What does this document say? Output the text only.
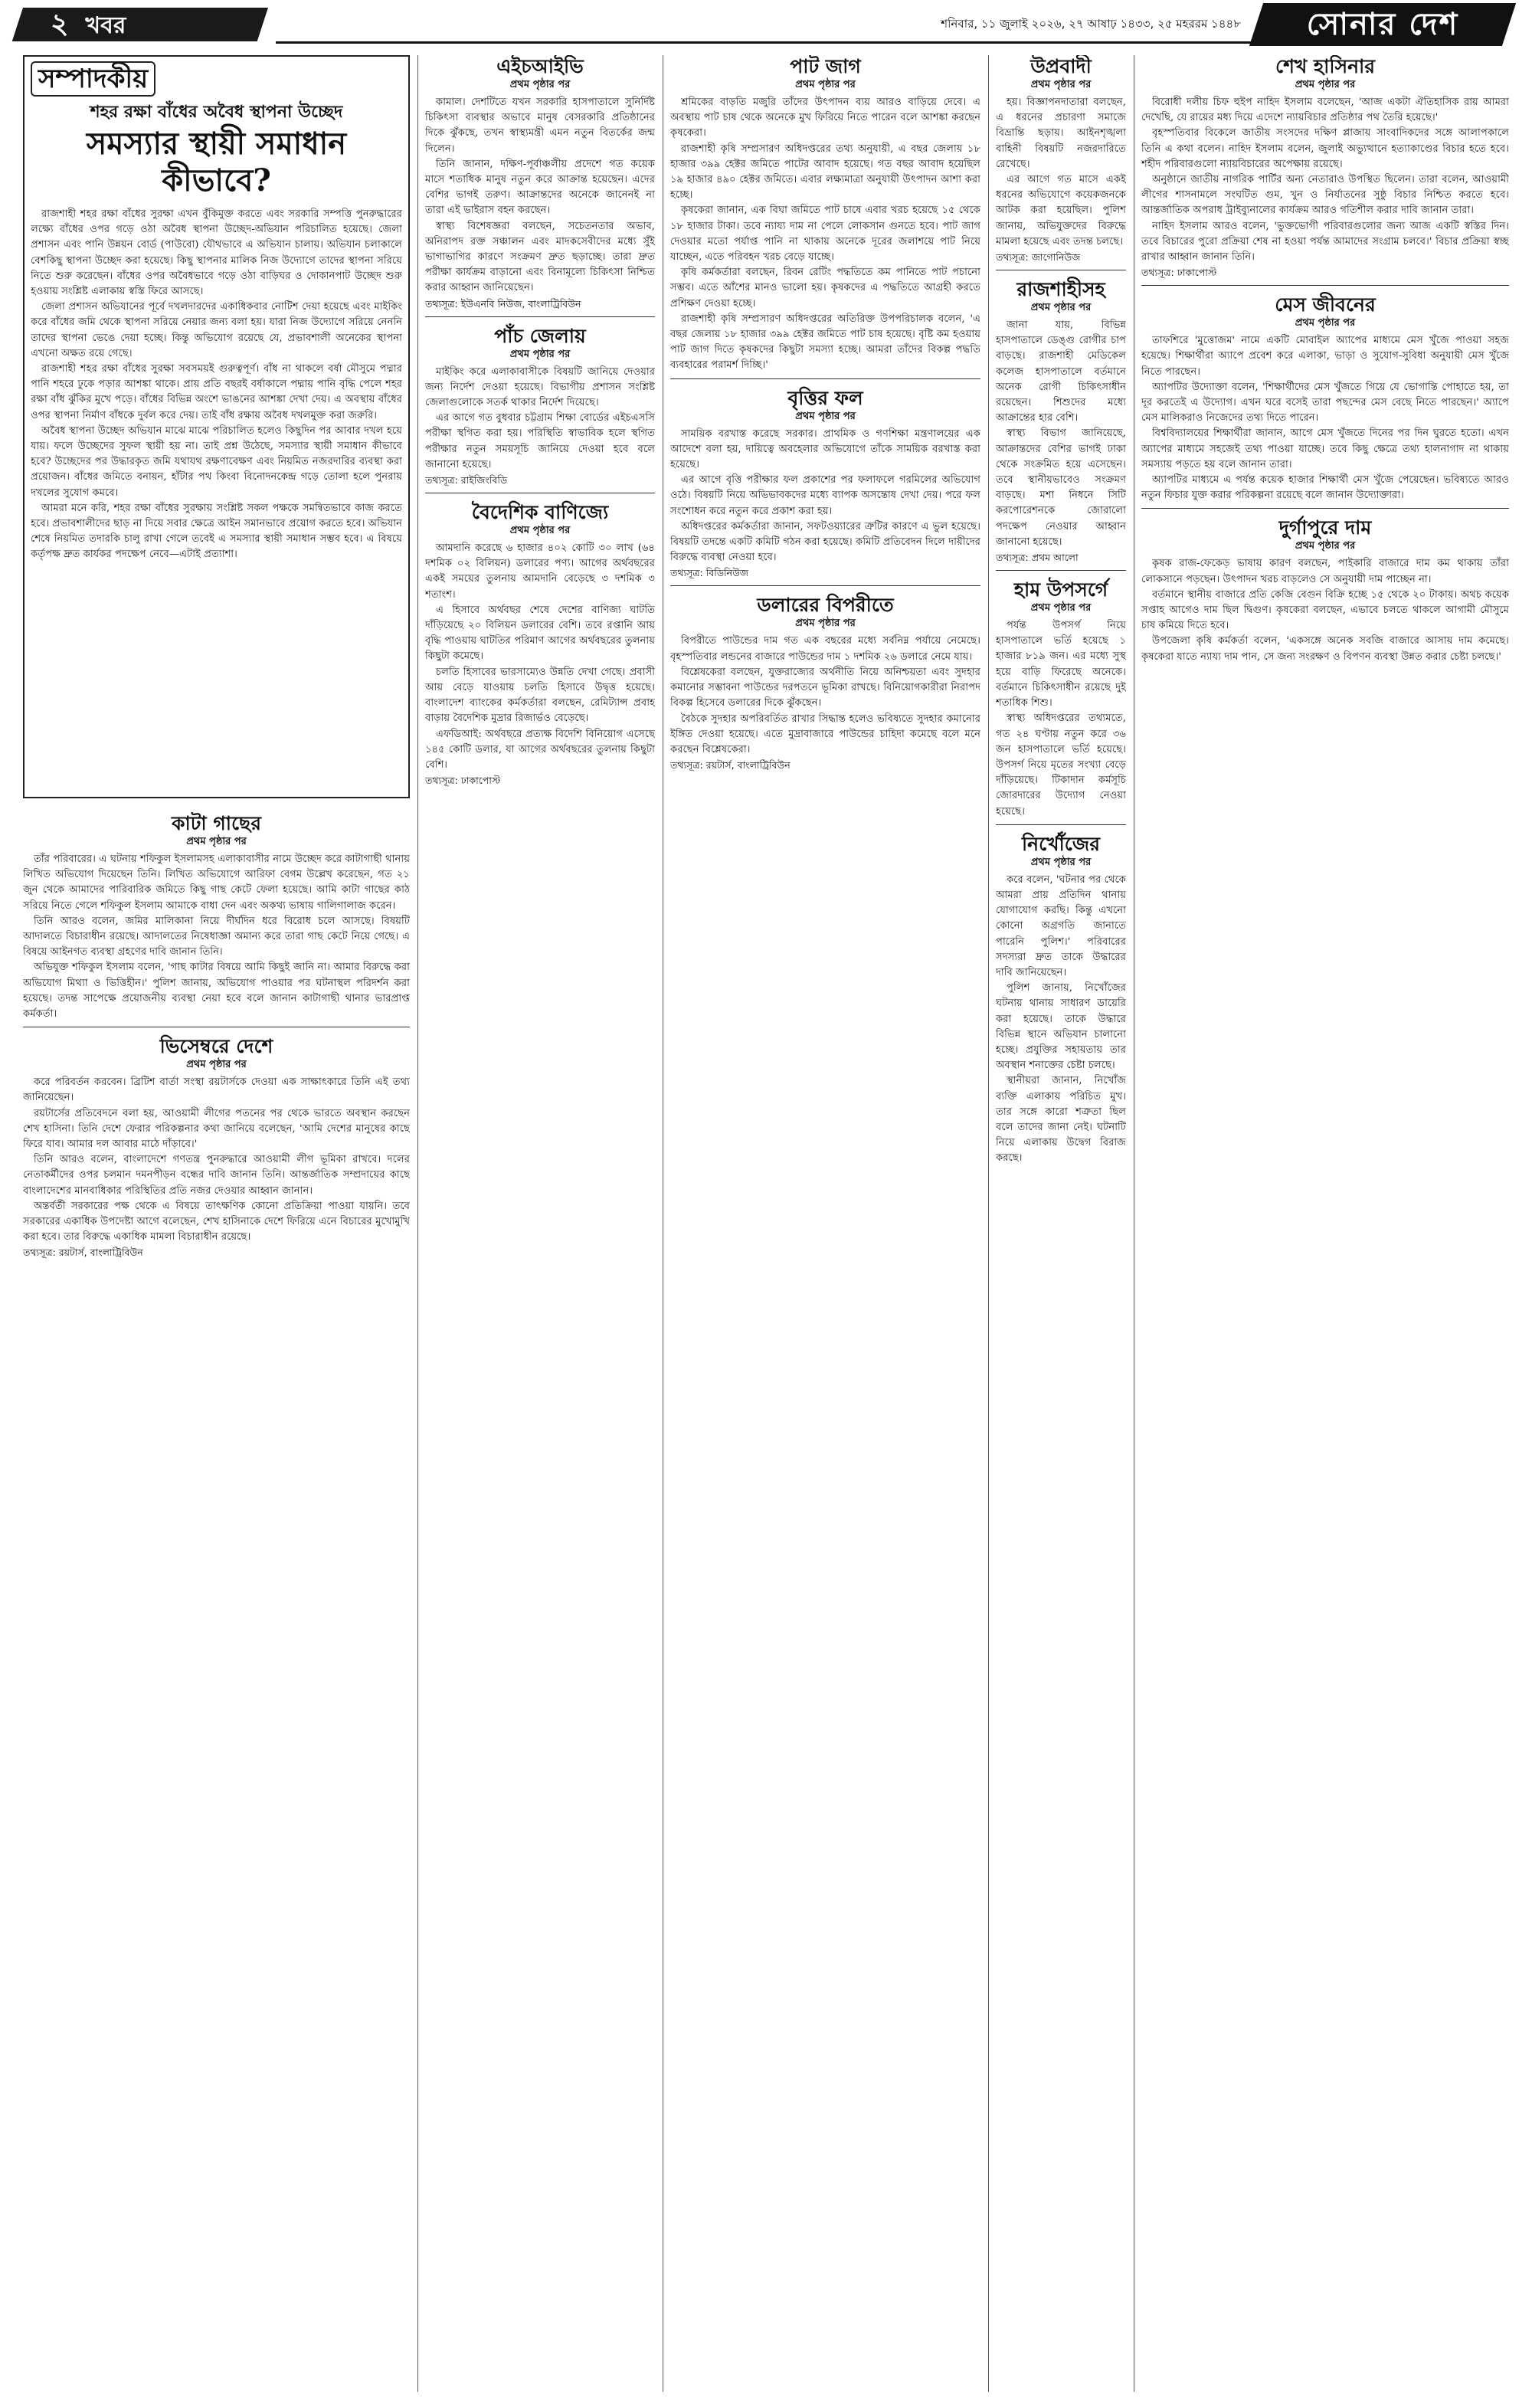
২ খবর	শনিবার, ১১ জুলাই ২০২৬, ২৭ আষাঢ় ১৪৩৩, ২৫ মহররম ১৪৪৮	সোনার দেশ
সম্পাদকীয়
শহর রক্ষা বাঁধের অবৈধ স্থাপনা উচ্ছেদ
সমস্যার স্থায়ী সমাধান কীভাবে?

রাজশাহী শহর রক্ষা বাঁধের সুরক্ষা এখন বুঁকিমুক্ত করতে এবং সরকারি সম্পত্তি পুনরুদ্ধারের লক্ষ্যে বাঁধের ওপর গড়ে ওঠা অবৈধ স্থাপনা উচ্ছেদ-অভিযান পরিচালিত হয়েছে। জেলা প্রশাসন এবং পানি উন্নয়ন বোর্ড (পাউবো) যৌথভাবে এ অভিযান চালায়। অভিযান চলাকালে বেশকিছু স্থাপনা উচ্ছেদ করা হয়েছে। কিছু স্থাপনার মালিক নিজ উদ্যোগে তাদের স্থাপনা সরিয়ে নিতে শুরু করেছেন। বাঁধের ওপর অবৈধভাবে গড়ে ওঠা বাড়িঘর ও দোকানপাট উচ্ছেদ শুরু হওয়ায় সংশ্লিষ্ট এলাকায় স্বস্তি ফিরে আসছে।

জেলা প্রশাসন অভিযানের পূর্বে দখলদারদের একাধিকবার নোটিশ দেয়া হয়েছে এবং মাইকিং করে বাঁধের জমি থেকে স্থাপনা সরিয়ে নেয়ার জন্য বলা হয়। যারা নিজ উদ্যোগে সরিয়ে নেননি তাদের স্থাপনা ভেঙে দেয়া হচ্ছে। কিন্তু অভিযোগ রয়েছে যে, প্রভাবশালী অনেকের স্থাপনা এখনো অক্ষত রয়ে গেছে।

রাজশাহী শহর রক্ষা বাঁধের সুরক্ষা সবসময়ই গুরুত্বপূর্ণ। বাঁধ না থাকলে বর্ষা মৌসুমে পদ্মার পানি শহরে ঢুকে পড়ার আশঙ্কা থাকে। প্রায় প্রতি বছরই বর্ষাকালে পদ্মায় পানি বৃদ্ধি পেলে শহর রক্ষা বাঁধ ঝুঁকির মুখে পড়ে। বাঁধের বিভিন্ন অংশে ভাঙনের আশঙ্কা দেখা দেয়। এ অবস্থায় বাঁধের ওপর স্থাপনা নির্মাণ বাঁধকে দুর্বল করে দেয়। তাই বাঁধ রক্ষায় অবৈধ দখলমুক্ত করা জরুরি।

অবৈধ স্থাপনা উচ্ছেদ অভিযান মাঝে মাঝে পরিচালিত হলেও কিছুদিন পর আবার দখল হয়ে যায়। ফলে উচ্ছেদের সুফল স্থায়ী হয় না। তাই প্রশ্ন উঠেছে, সমস্যার স্থায়ী সমাধান কীভাবে হবে? উচ্ছেদের পর উদ্ধারকৃত জমি যথাযথ রক্ষণাবেক্ষণ এবং নিয়মিত নজরদারির ব্যবস্থা করা প্রয়োজন। বাঁধের জমিতে বনায়ন, হাঁটার পথ কিংবা বিনোদনকেন্দ্র গড়ে তোলা হলে পুনরায় দখলের সুযোগ কমবে।

আমরা মনে করি, শহর রক্ষা বাঁধের সুরক্ষায় সংশ্লিষ্ট সকল পক্ষকে সমন্বিতভাবে কাজ করতে হবে। প্রভাবশালীদের ছাড় না দিয়ে সবার ক্ষেত্রে আইন সমানভাবে প্রয়োগ করতে হবে। অভিযান শেষে নিয়মিত তদারকি চালু রাখা গেলে তবেই এ সমস্যার স্থায়ী সমাধান সম্ভব হবে। এ বিষয়ে কর্তৃপক্ষ দ্রুত কার্যকর পদক্ষেপ নেবে—এটাই প্রত্যাশা।

কাটা গাছের
প্রথম পৃষ্ঠার পর

তাঁর পরিবারের। এ ঘটনায় শফিকুল ইসলামসহ এলাকাবাসীর নামে উচ্ছেদ করে কাটাগাছী থানায় লিখিত অভিযোগ দিয়েছেন তিনি। লিখিত অভিযোগে আরিফা বেগম উল্লেখ করেছেন, গত ২১ জুন থেকে আমাদের পারিবারিক জমিতে কিছু গাছ কেটে ফেলা হয়েছে। আমি কাটা গাছের কাঠ সরিয়ে নিতে গেলে শফিকুল ইসলাম আমাকে বাধা দেন এবং অকথ্য ভাষায় গালিগালাজ করেন।

তিনি আরও বলেন, জমির মালিকানা নিয়ে দীর্ঘদিন ধরে বিরোধ চলে আসছে। বিষয়টি আদালতে বিচারাধীন রয়েছে। আদালতের নিষেধাজ্ঞা অমান্য করে তারা গাছ কেটে নিয়ে গেছে। এ বিষয়ে আইনগত ব্যবস্থা গ্রহণের দাবি জানান তিনি।

অভিযুক্ত শফিকুল ইসলাম বলেন, 'গাছ কাটার বিষয়ে আমি কিছুই জানি না। আমার বিরুদ্ধে করা অভিযোগ মিথ্যা ও ভিত্তিহীন।' পুলিশ জানায়, অভিযোগ পাওয়ার পর ঘটনাস্থল পরিদর্শন করা হয়েছে। তদন্ত সাপেক্ষে প্রয়োজনীয় ব্যবস্থা নেয়া হবে বলে জানান কাটাগাছী থানার ভারপ্রাপ্ত কর্মকর্তা।

ভিসেম্বরে দেশে
প্রথম পৃষ্ঠার পর

করে পরিবর্তন করবেন। ব্রিটিশ বার্তা সংস্থা রয়টার্সকে দেওয়া এক সাক্ষাৎকারে তিনি এই তথ্য জানিয়েছেন।

রয়টার্সের প্রতিবেদনে বলা হয়, আওয়ামী লীগের পতনের পর থেকে ভারতে অবস্থান করছেন শেখ হাসিনা। তিনি দেশে ফেরার পরিকল্পনার কথা জানিয়ে বলেছেন, 'আমি দেশের মানুষের কাছে ফিরে যাব। আমার দল আবার মাঠে দাঁড়াবে।'

তিনি আরও বলেন, বাংলাদেশে গণতন্ত্র পুনরুদ্ধারে আওয়ামী লীগ ভূমিকা রাখবে। দলের নেতাকর্মীদের ওপর চলমান দমনপীড়ন বন্ধের দাবি জানান তিনি। আন্তর্জাতিক সম্প্রদায়ের কাছে বাংলাদেশের মানবাধিকার পরিস্থিতির প্রতি নজর দেওয়ার আহ্বান জানান।

অন্তর্বর্তী সরকারের পক্ষ থেকে এ বিষয়ে তাৎক্ষণিক কোনো প্রতিক্রিয়া পাওয়া যায়নি। তবে সরকারের একাধিক উপদেষ্টা আগে বলেছেন, শেখ হাসিনাকে দেশে ফিরিয়ে এনে বিচারের মুখোমুখি করা হবে। তার বিরুদ্ধে একাধিক মামলা বিচারাধীন রয়েছে।

তথ্যসূত্র: রয়টার্স, বাংলাট্রিবিউন
এইচআইভি
প্রথম পৃষ্ঠার পর

কামাল। দেশটিতে যখন সরকারি হাসপাতালে সুনির্দিষ্ট চিকিৎসা ব্যবস্থার অভাবে মানুষ বেসরকারি প্রতিষ্ঠানের দিকে ঝুঁকছে, তখন স্বাস্থ্যমন্ত্রী এমন নতুন বিতর্কের জন্ম দিলেন।

তিনি জানান, দক্ষিণ-পূর্বাঞ্চলীয় প্রদেশে গত কয়েক মাসে শতাধিক মানুষ নতুন করে আক্রান্ত হয়েছেন। এদের বেশির ভাগই তরুণ। আক্রান্তদের অনেকে জানেনই না তারা এই ভাইরাস বহন করছেন।

স্বাস্থ্য বিশেষজ্ঞরা বলছেন, সচেতনতার অভাব, অনিরাপদ রক্ত সঞ্চালন এবং মাদকসেবীদের মধ্যে সুঁই ভাগাভাগির কারণে সংক্রমণ দ্রুত ছড়াচ্ছে। তারা দ্রুত পরীক্ষা কার্যক্রম বাড়ানো এবং বিনামূল্যে চিকিৎসা নিশ্চিত করার আহ্বান জানিয়েছেন।

তথ্যসূত্র: ইউএনবি নিউজ, বাংলাট্রিবিউন
পাঁচ জেলায়
প্রথম পৃষ্ঠার পর

মাইকিং করে এলাকাবাসীকে বিষয়টি জানিয়ে দেওয়ার জন্য নির্দেশ দেওয়া হয়েছে। বিভাগীয় প্রশাসন সংশ্লিষ্ট জেলাগুলোকে সতর্ক থাকার নির্দেশ দিয়েছে।

এর আগে গত বুধবার চট্টগ্রাম শিক্ষা বোর্ডের এইচএসসি পরীক্ষা স্থগিত করা হয়। পরিস্থিতি স্বাভাবিক হলে স্থগিত পরীক্ষার নতুন সময়সূচি জানিয়ে দেওয়া হবে বলে জানানো হয়েছে।

তথ্যসূত্র: রাইজিংবিডি
বৈদেশিক বাণিজ্যে
প্রথম পৃষ্ঠার পর

আমদানি করেছে ৬ হাজার ৪০২ কোটি ৩০ লাখ (৬৪ দশমিক ০২ বিলিয়ন) ডলারের পণ্য। আগের অর্থবছরের একই সময়ের তুলনায় আমদানি বেড়েছে ৩ দশমিক ৩ শতাংশ।

এ হিসাবে অর্থবছর শেষে দেশের বাণিজ্য ঘাটতি দাঁড়িয়েছে ২০ বিলিয়ন ডলারের বেশি। তবে রপ্তানি আয় বৃদ্ধি পাওয়ায় ঘাটতির পরিমাণ আগের অর্থবছরের তুলনায় কিছুটা কমেছে।

চলতি হিসাবের ভারসাম্যেও উন্নতি দেখা গেছে। প্রবাসী আয় বেড়ে যাওয়ায় চলতি হিসাবে উদ্বৃত্ত হয়েছে। বাংলাদেশ ব্যাংকের কর্মকর্তারা বলছেন, রেমিট্যান্স প্রবাহ বাড়ায় বৈদেশিক মুদ্রার রিজার্ভও বেড়েছে।

এফডিআই: অর্থবছরে প্রত্যক্ষ বিদেশি বিনিয়োগ এসেছে ১৪৫ কোটি ডলার, যা আগের অর্থবছরের তুলনায় কিছুটা বেশি।

তথ্যসূত্র: ঢাকাপোস্ট
পাট জাগ
প্রথম পৃষ্ঠার পর

শ্রমিকের বাড়তি মজুরি তাঁদের উৎপাদন ব্যয় আরও বাড়িয়ে দেবে। এ অবস্থায় পাট চাষ থেকে অনেকে মুখ ফিরিয়ে নিতে পারেন বলে আশঙ্কা করছেন কৃষকেরা।

রাজশাহী কৃষি সম্প্রসারণ অধিদপ্তরের তথ্য অনুযায়ী, এ বছর জেলায় ১৮ হাজার ৩৯৯ হেক্টর জমিতে পাটের আবাদ হয়েছে। গত বছর আবাদ হয়েছিল ১৯ হাজার ৪৯০ হেক্টর জমিতে। এবার লক্ষ্যমাত্রা অনুযায়ী উৎপাদন আশা করা হচ্ছে।

কৃষকেরা জানান, এক বিঘা জমিতে পাট চাষে এবার খরচ হয়েছে ১৫ থেকে ১৮ হাজার টাকা। তবে ন্যায্য দাম না পেলে লোকসান গুনতে হবে। পাট জাগ দেওয়ার মতো পর্যাপ্ত পানি না থাকায় অনেকে দূরের জলাশয়ে পাট নিয়ে যাচ্ছেন, এতে পরিবহন খরচ বেড়ে যাচ্ছে।

কৃষি কর্মকর্তারা বলছেন, রিবন রেটিং পদ্ধতিতে কম পানিতে পাট পচানো সম্ভব। এতে আঁশের মানও ভালো হয়। কৃষকদের এ পদ্ধতিতে আগ্রহী করতে প্রশিক্ষণ দেওয়া হচ্ছে।

রাজশাহী কৃষি সম্প্রসারণ অধিদপ্তরের অতিরিক্ত উপপরিচালক বলেন, 'এ বছর জেলায় ১৮ হাজার ৩৯৯ হেক্টর জমিতে পাট চাষ হয়েছে। বৃষ্টি কম হওয়ায় পাট জাগ দিতে কৃষকদের কিছুটা সমস্যা হচ্ছে। আমরা তাঁদের বিকল্প পদ্ধতি ব্যবহারের পরামর্শ দিচ্ছি।'

বৃত্তির ফল
প্রথম পৃষ্ঠার পর

সাময়িক বরখাস্ত করেছে সরকার। প্রাথমিক ও গণশিক্ষা মন্ত্রণালয়ের এক আদেশে বলা হয়, দায়িত্বে অবহেলার অভিযোগে তাঁকে সাময়িক বরখাস্ত করা হয়েছে।

এর আগে বৃত্তি পরীক্ষার ফল প্রকাশের পর ফলাফলে গরমিলের অভিযোগ ওঠে। বিষয়টি নিয়ে অভিভাবকদের মধ্যে ব্যাপক অসন্তোষ দেখা দেয়। পরে ফল সংশোধন করে নতুন করে প্রকাশ করা হয়।

অধিদপ্তরের কর্মকর্তারা জানান, সফটওয়্যারের ত্রুটির কারণে এ ভুল হয়েছে। বিষয়টি তদন্তে একটি কমিটি গঠন করা হয়েছে। কমিটি প্রতিবেদন দিলে দায়ীদের বিরুদ্ধে ব্যবস্থা নেওয়া হবে।

তথ্যসূত্র: বিডিনিউজ
ডলারের বিপরীতে
প্রথম পৃষ্ঠার পর

বিপরীতে পাউন্ডের দাম গত এক বছরের মধ্যে সর্বনিম্ন পর্যায়ে নেমেছে। বৃহস্পতিবার লন্ডনের বাজারে পাউন্ডের দাম ১ দশমিক ২৬ ডলারে নেমে যায়।

বিশ্লেষকেরা বলছেন, যুক্তরাজ্যের অর্থনীতি নিয়ে অনিশ্চয়তা এবং সুদহার কমানোর সম্ভাবনা পাউন্ডের দরপতনে ভূমিকা রাখছে। বিনিয়োগকারীরা নিরাপদ বিকল্প হিসেবে ডলারের দিকে ঝুঁকছেন।

বৈঠকে সুদহার অপরিবর্তিত রাখার সিদ্ধান্ত হলেও ভবিষ্যতে সুদহার কমানোর ইঙ্গিত দেওয়া হয়েছে। এতে মুদ্রাবাজারে পাউন্ডের চাহিদা কমেছে বলে মনে করছেন বিশ্লেষকেরা।

তথ্যসূত্র: রয়টার্স, বাংলাট্রিবিউন
উপ্রবাদী
প্রথম পৃষ্ঠার পর

হয়। বিজ্ঞাপনদাতারা বলছেন, এ ধরনের প্রচারণা সমাজে বিভ্রান্তি ছড়ায়। আইনশৃঙ্খলা বাহিনী বিষয়টি নজরদারিতে রেখেছে।

এর আগে গত মাসে একই ধরনের অভিযোগে কয়েকজনকে আটক করা হয়েছিল। পুলিশ জানায়, অভিযুক্তদের বিরুদ্ধে মামলা হয়েছে এবং তদন্ত চলছে।

তথ্যসূত্র: জাগোনিউজ
রাজশাহীসহ
প্রথম পৃষ্ঠার পর

জানা যায়, বিভিন্ন হাসপাতালে ডেঙ্গু রোগীর চাপ বাড়ছে। রাজশাহী মেডিকেল কলেজ হাসপাতালে বর্তমানে অনেক রোগী চিকিৎসাধীন রয়েছেন। শিশুদের মধ্যে আক্রান্তের হার বেশি।

স্বাস্থ্য বিভাগ জানিয়েছে, আক্রান্তদের বেশির ভাগই ঢাকা থেকে সংক্রমিত হয়ে এসেছেন। তবে স্থানীয়ভাবেও সংক্রমণ বাড়ছে। মশা নিধনে সিটি করপোরেশনকে জোরালো পদক্ষেপ নেওয়ার আহ্বান জানানো হয়েছে।

তথ্যসূত্র: প্রথম আলো
হাম উপসর্গে
প্রথম পৃষ্ঠার পর

পর্যন্ত উপসর্গ নিয়ে হাসপাতালে ভর্তি হয়েছে ১ হাজার ৮১৯ জন। এর মধ্যে সুস্থ হয়ে বাড়ি ফিরেছে অনেকে। বর্তমানে চিকিৎসাধীন রয়েছে দুই শতাধিক শিশু।

স্বাস্থ্য অধিদপ্তরের তথ্যমতে, গত ২৪ ঘণ্টায় নতুন করে ৩৬ জন হাসপাতালে ভর্তি হয়েছে। উপসর্গ নিয়ে মৃতের সংখ্যা বেড়ে দাঁড়িয়েছে। টিকাদান কর্মসূচি জোরদারের উদ্যোগ নেওয়া হয়েছে।

নির্খোঁজের
প্রথম পৃষ্ঠার পর

করে বলেন, 'ঘটনার পর থেকে আমরা প্রায় প্রতিদিন থানায় যোগাযোগ করছি। কিন্তু এখনো কোনো অগ্রগতি জানাতে পারেনি পুলিশ।' পরিবারের সদস্যরা দ্রুত তাকে উদ্ধারের দাবি জানিয়েছেন।

পুলিশ জানায়, নিখোঁজের ঘটনায় থানায় সাধারণ ডায়েরি করা হয়েছে। তাকে উদ্ধারে বিভিন্ন স্থানে অভিযান চালানো হচ্ছে। প্রযুক্তির সহায়তায় তার অবস্থান শনাক্তের চেষ্টা চলছে।

স্থানীয়রা জানান, নিখোঁজ ব্যক্তি এলাকায় পরিচিত মুখ। তার সঙ্গে কারো শত্রুতা ছিল বলে তাদের জানা নেই। ঘটনাটি নিয়ে এলাকায় উদ্বেগ বিরাজ করছে।

শেখ হাসিনার
প্রথম পৃষ্ঠার পর

বিরোধী দলীয় চিফ হুইপ নাহিদ ইসলাম বলেছেন, 'আজ একটা ঐতিহাসিক রায় আমরা দেখেছি, যে রায়ের মধ্য দিয়ে এদেশে ন্যায়বিচার প্রতিষ্ঠার পথ তৈরি হয়েছে।'

বৃহস্পতিবার বিকেলে জাতীয় সংসদের দক্ষিণ প্লাজায় সাংবাদিকদের সঙ্গে আলাপকালে তিনি এ কথা বলেন। নাহিদ ইসলাম বলেন, জুলাই অভ্যুত্থানে হত্যাকাণ্ডের বিচার হতে হবে। শহীদ পরিবারগুলো ন্যায়বিচারের অপেক্ষায় রয়েছে।

অনুষ্ঠানে জাতীয় নাগরিক পার্টির অন্য নেতারাও উপস্থিত ছিলেন। তারা বলেন, আওয়ামী লীগের শাসনামলে সংঘটিত গুম, খুন ও নির্যাতনের সুষ্ঠু বিচার নিশ্চিত করতে হবে। আন্তর্জাতিক অপরাধ ট্রাইব্যুনালের কার্যক্রম আরও গতিশীল করার দাবি জানান তারা।

নাহিদ ইসলাম আরও বলেন, 'ভুক্তভোগী পরিবারগুলোর জন্য আজ একটি স্বস্তির দিন। তবে বিচারের পুরো প্রক্রিয়া শেষ না হওয়া পর্যন্ত আমাদের সংগ্রাম চলবে।' বিচার প্রক্রিয়া স্বচ্ছ রাখার আহ্বান জানান তিনি।

তথ্যসূত্র: ঢাকাপোস্ট
মেস জীবনের
প্রথম পৃষ্ঠার পর

তাফশিরে 'মুত্তোজম' নামে একটি মোবাইল অ্যাপের মাধ্যমে মেস খুঁজে পাওয়া সহজ হয়েছে। শিক্ষার্থীরা অ্যাপে প্রবেশ করে এলাকা, ভাড়া ও সুযোগ-সুবিধা অনুযায়ী মেস খুঁজে নিতে পারছেন।

অ্যাপটির উদ্যোক্তা বলেন, 'শিক্ষার্থীদের মেস খুঁজতে গিয়ে যে ভোগান্তি পোহাতে হয়, তা দূর করতেই এ উদ্যোগ। এখন ঘরে বসেই তারা পছন্দের মেস বেছে নিতে পারছেন।' অ্যাপে মেস মালিকরাও নিজেদের তথ্য দিতে পারেন।

বিশ্ববিদ্যালয়ের শিক্ষার্থীরা জানান, আগে মেস খুঁজতে দিনের পর দিন ঘুরতে হতো। এখন অ্যাপের মাধ্যমে সহজেই তথ্য পাওয়া যাচ্ছে। তবে কিছু ক্ষেত্রে তথ্য হালনাগাদ না থাকায় সমস্যায় পড়তে হয় বলে জানান তারা।

অ্যাপটির মাধ্যমে এ পর্যন্ত কয়েক হাজার শিক্ষার্থী মেস খুঁজে পেয়েছেন। ভবিষ্যতে আরও নতুন ফিচার যুক্ত করার পরিকল্পনা রয়েছে বলে জানান উদ্যোক্তারা।

দুর্গাপুরে দাম
প্রথম পৃষ্ঠার পর

কৃষক রাজ-ফেকেড় ভাষায় কারণ বলছেন, পাইকারি বাজারে দাম কম থাকায় তাঁরা লোকসানে পড়ছেন। উৎপাদন খরচ বাড়লেও সে অনুযায়ী দাম পাচ্ছেন না।

বর্তমানে স্থানীয় বাজারে প্রতি কেজি বেগুন বিক্রি হচ্ছে ১৫ থেকে ২০ টাকায়। অথচ কয়েক সপ্তাহ আগেও দাম ছিল দ্বিগুণ। কৃষকেরা বলছেন, এভাবে চলতে থাকলে আগামী মৌসুমে চাষ কমিয়ে দিতে হবে।

উপজেলা কৃষি কর্মকর্তা বলেন, 'একসঙ্গে অনেক সবজি বাজারে আসায় দাম কমেছে। কৃষকেরা যাতে ন্যায্য দাম পান, সে জন্য সংরক্ষণ ও বিপণন ব্যবস্থা উন্নত করার চেষ্টা চলছে।'
